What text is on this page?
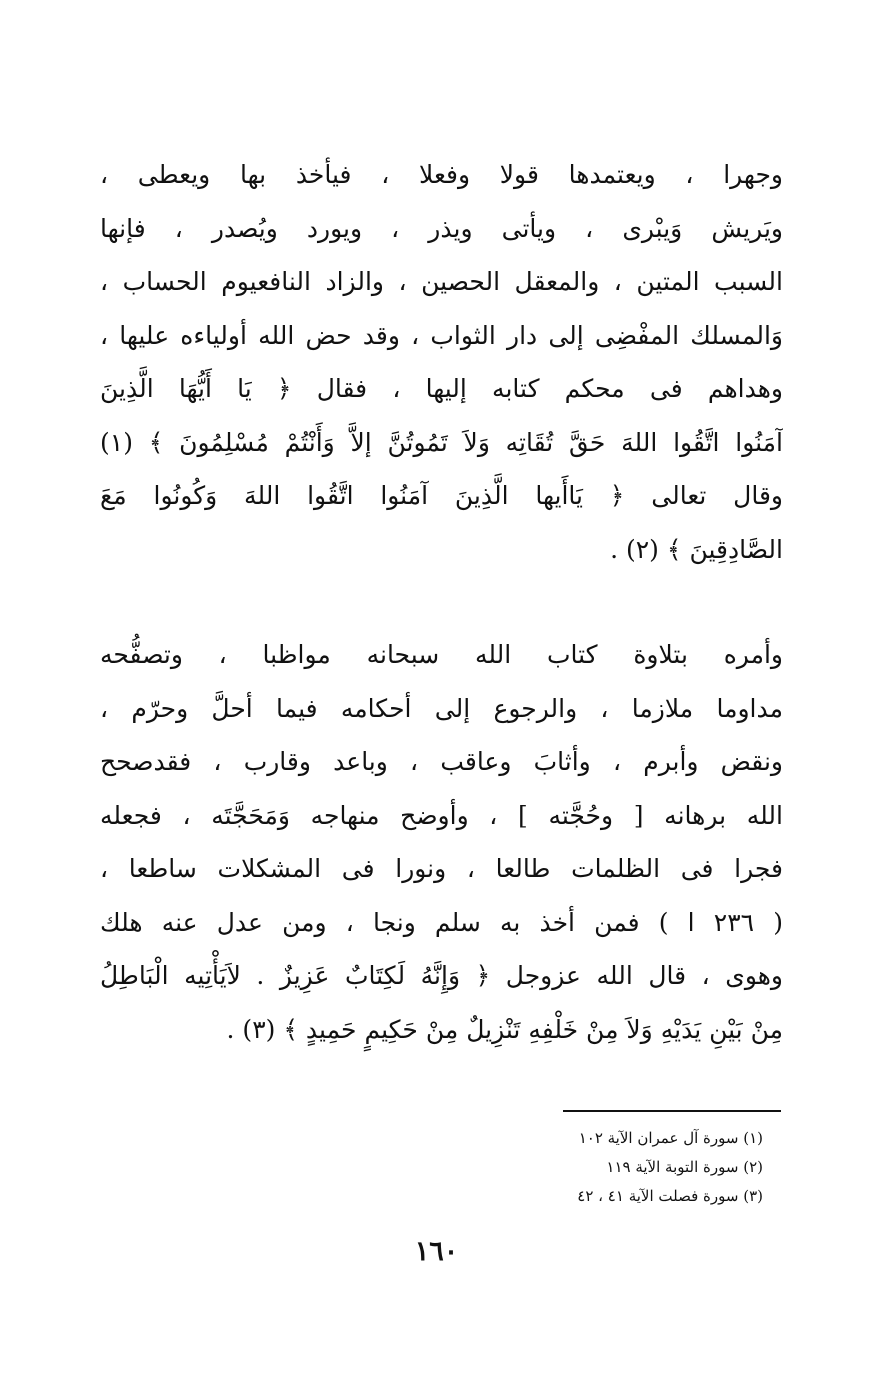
وجهرا ، ويعتمدها قولا وفعلا ، فيأخذ بها ويعطى ،
ويَريش وَيبْرى ، ويأتى ويذر ، ويورد ويُصدر ، فإنها
السبب المتين ، والمعقل الحصين ، والزاد النافعيوم الحساب ،
وَالمسلك المفْضِى إلى دار الثواب ، وقد حض الله أولياءه عليها ،
وهداهم فى محكم كتابه إليها ، فقال ﴿ يَا أَيُّهَا الَّذِينَ
آمَنُوا اتَّقُوا اللهَ حَقَّ تُقَاتِه وَلاَ تَمُوتُنَّ إلاَّ وَأَنْتُمْ مُسْلِمُونَ ﴾ (١)
وقال تعالى ﴿ يَاأَيها الَّذِينَ آمَنُوا اتَّقُوا اللهَ وَكُونُوا مَعَ
الصَّادِقِينَ ﴾ (٢) .
وأمره بتلاوة كتاب الله سبحانه مواظبا ، وتصفُّحه
مداوما ملازما ، والرجوع إلى أحكامه فيما أحلَّ وحرّم ،
ونقض وأبرم ، وأثابَ وعاقب ، وباعد وقارب ، فقدصحح
الله برهانه [ وحُجَّته ] ، وأوضح منهاجه وَمَحَجَّتَه ، فجعله
فجرا فى الظلمات طالعا ، ونورا فى المشكلات ساطعا ،
( ٢٣٦ ا ) فمن أخذ به سلم ونجا ، ومن عدل عنه هلك
وهوى ، قال الله عزوجل ﴿ وَإِنَّهُ لَكِتَابٌ عَزِيزٌ . لاَيَأْتِيه الْبَاطِلُ
مِنْ بَيْنِ يَدَيْهِ وَلاَ مِنْ خَلْفِهِ تَنْزِيلٌ مِنْ حَكِيمٍ حَمِيدٍ ﴾ (٣) .
(١) سورة آل عمران الآية ١٠٢
(٢) سورة التوبة الآية ١١٩
(٣) سورة فصلت الآية ٤١ ، ٤٢
١٦٠
